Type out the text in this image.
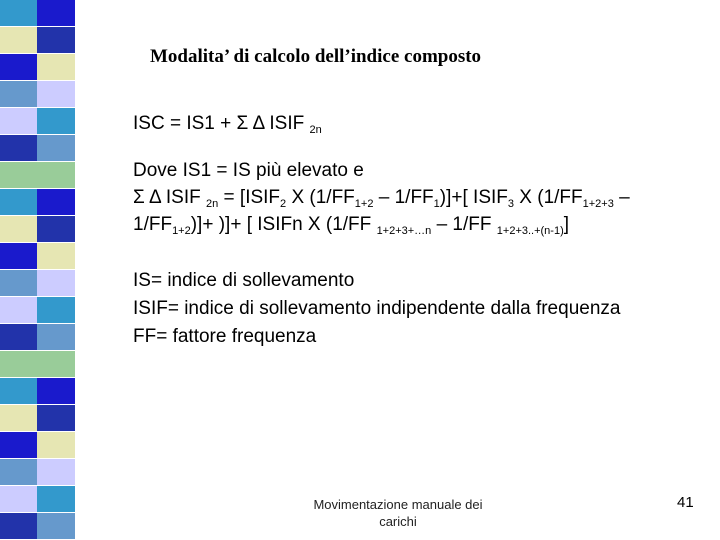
Modalita’ di calcolo dell’indice composto
ISC = IS1 + Σ Δ ISIF $_{2n}$
Dove IS1 = IS più elevato e
Σ Δ ISIF $_{2n} = [ISIF_2$ X $(1/FF_{1+2} - 1/FF_1)]+$[ $ISIF_3$ X ($1/FF_{1+2+3}$ –
$1/FF_{1+2})]+$ )]+ [ ISIFn X (1/FF $_{1+2+3+\dots n}$ – 1/FF $_{1+2+3..+(n-1)}$]
IS= indice di sollevamento
ISIF= indice di sollevamento indipendente dalla frequenza
FF= fattore frequenza
Movimentazione manuale dei
carichi
41
